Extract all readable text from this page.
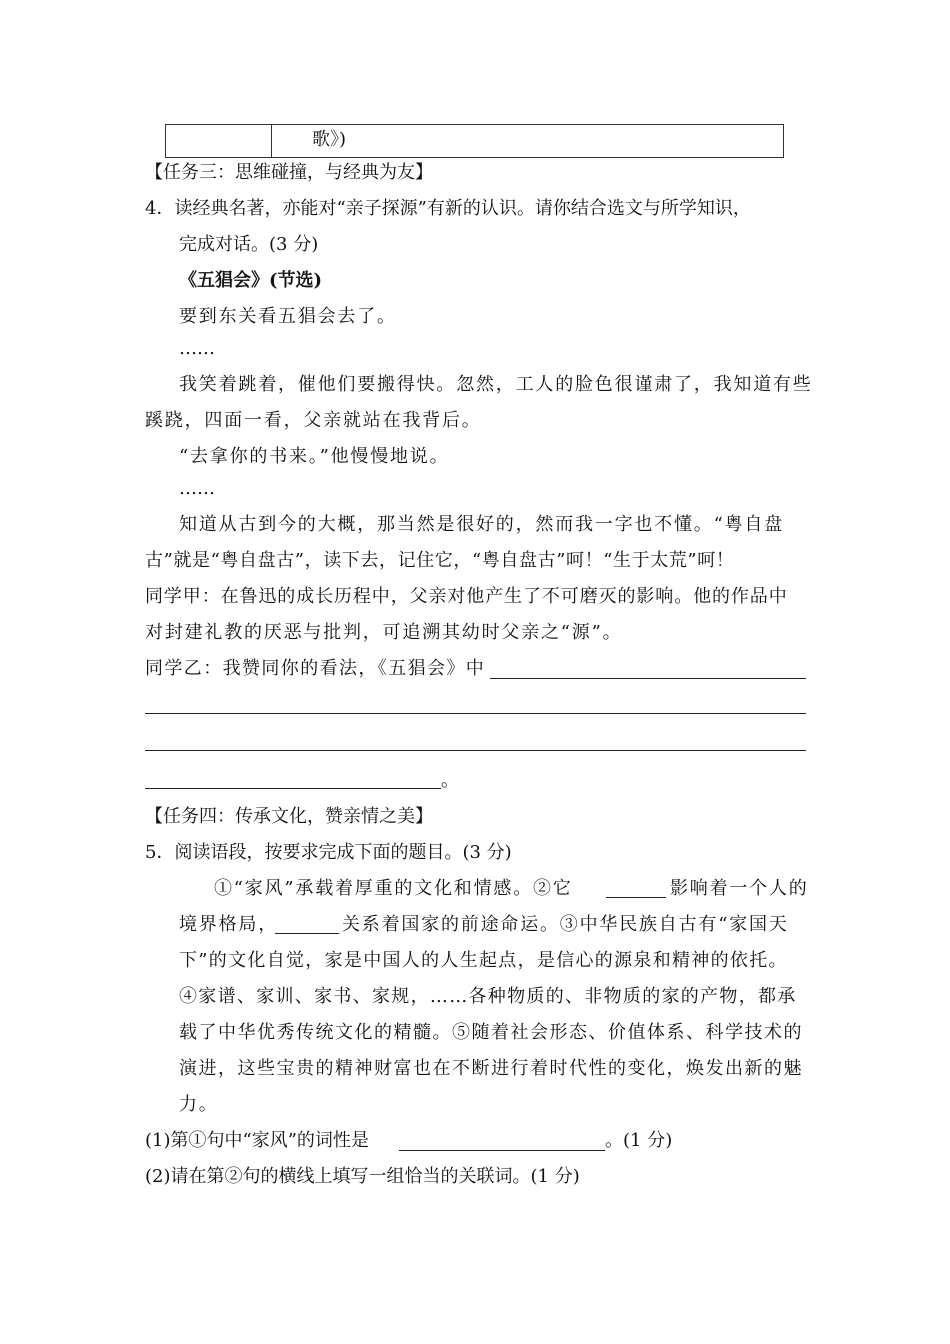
歌》)
【任务三：思维碰撞，与经典为友】
4．读经典名著，亦能对“亲子探源”有新的认识。请你结合选文与所学知识，
完成对话。(3 分)
《五猖会》(节选)
要到东关看五猖会去了。
……
我笑着跳着，催他们要搬得快。忽然，工人的脸色很谨肃了，我知道有些
蹊跷，四面一看，父亲就站在我背后。
“去拿你的书来。”他慢慢地说。
……
知道从古到今的大概，那当然是很好的，然而我一字也不懂。“粤自盘
古”就是“粤自盘古”，读下去，记住它，“粤自盘古”呵！“生于太荒”呵！
同学甲：在鲁迅的成长历程中，父亲对他产生了不可磨灭的影响。他的作品中
对封建礼教的厌恶与批判，可追溯其幼时父亲之“源”。
同学乙：我赞同你的看法，《五猖会》中
。
【任务四：传承文化，赞亲情之美】
5．阅读语段，按要求完成下面的题目。(3 分)
①“家风”承载着厚重的文化和情感。②它	影响着一个人的
境界格局，	关系着国家的前途命运。③中华民族自古有“家国天
下”的文化自觉，家是中国人的人生起点，是信心的源泉和精神的依托。
④家谱、家训、家书、家规，……各种物质的、非物质的家的产物，都承
载了中华优秀传统文化的精髓。⑤随着社会形态、价值体系、科学技术的
演进，这些宝贵的精神财富也在不断进行着时代性的变化，焕发出新的魅
力。
(1)第①句中“家风”的词性是	。(1 分)
(2)请在第②句的横线上填写一组恰当的关联词。(1 分)
